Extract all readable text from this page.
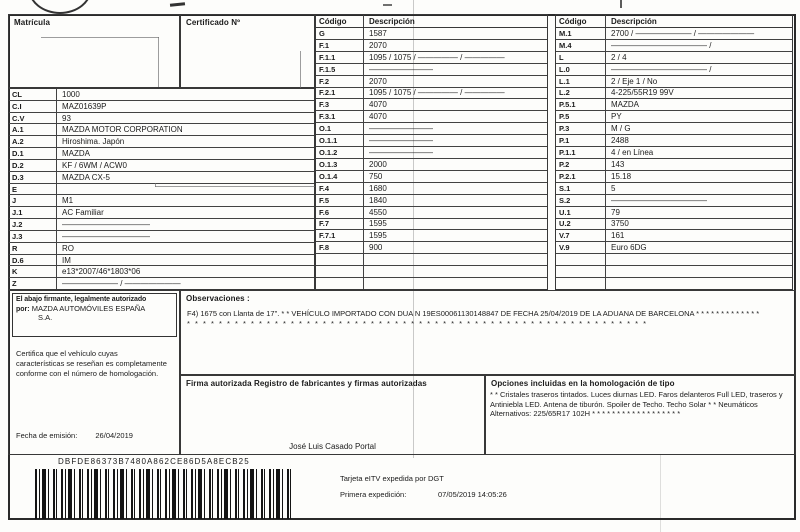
Matrícula	Certificado Nº
CL	1000
C.I	MAZ01639P
C.V	93
A.1	MAZDA MOTOR CORPORATION
A.2	Hiroshima. Japón
D.1	MAZDA
D.2	KF / 6WM / ACW0
D.3	MAZDA CX-5
E
J	M1
J.1	AC Familiar
J.2	———————————
J.3	———————————
R	RO
D.6	IM
K	e13*2007/46*1803*06
Z	——————— / ———————
Código	Descripción
G	1587
F.1	2070
F.1.1	1095 / 1075 / ————— / —————
F.1.5	————————
F.2	2070
F.2.1	1095 / 1075 / ————— / —————
F.3	4070
F.3.1	4070
O.1	————————
O.1.1	————————
O.1.2	————————
O.1.3	2000
O.1.4	750
F.4	1680
F.5	1840
F.6	4550
F.7	1595
F.7.1	1595
F.8	900
Código	Descripción
M.1	2700 / ——————— / ———————
M.4	———————————— /
L	2 / 4
L.0	———————————— /
L.1	2 / Eje 1 / No
L.2	4-225/55R19 99V
P.5.1	MAZDA
P.5	PY
P.3	M / G
P.1	2488
P.1.1	4 / en Línea
P.2	143
P.2.1	15.18
S.1	5
S.2	————————————
U.1	79
U.2	3750
V.7	161
V.9	Euro 6DG
El abajo firmante, legalmente autorizado
por: MAZDA AUTOMÓVILES ESPAÑA
S.A.
Certifica que el vehículo cuyas características se reseñan es completamente conforme con el número de homologación.
Fecha de emisión: 26/04/2019
Observaciones :
F4) 1675 con Llanta de 17". * * VEHÍCULO IMPORTADO CON DUA N 19ES00061130148847 DE FECHA 25/04/2019 DE LA ADUANA DE BARCELONA * * * * * * * * * * * * *
* * * * * * * * * * * * * * * * * * * * * * * * * * * * * * * * * * * * * * * * * * * * * * * * * * * * * * * * * *
Firma autorizada Registro de fabricantes y firmas autorizadas
José Luis Casado Portal
Opciones incluidas en la homologación de tipo
* * Cristales traseros tintados. Luces diurnas LED. Faros delanteros Full LED, traseros y Antiniebla LED. Antena de tiburón. Spoiler de Techo. Techo Solar * * Neumáticos Alternativos: 225/65R17 102H * * * * * * * * * * * * * * * * * *
DBFDE86373B7480A862CE86D5A8ECB25
Tarjeta eITV expedida por DGT
Primera expedición:	07/05/2019 14:05:26
